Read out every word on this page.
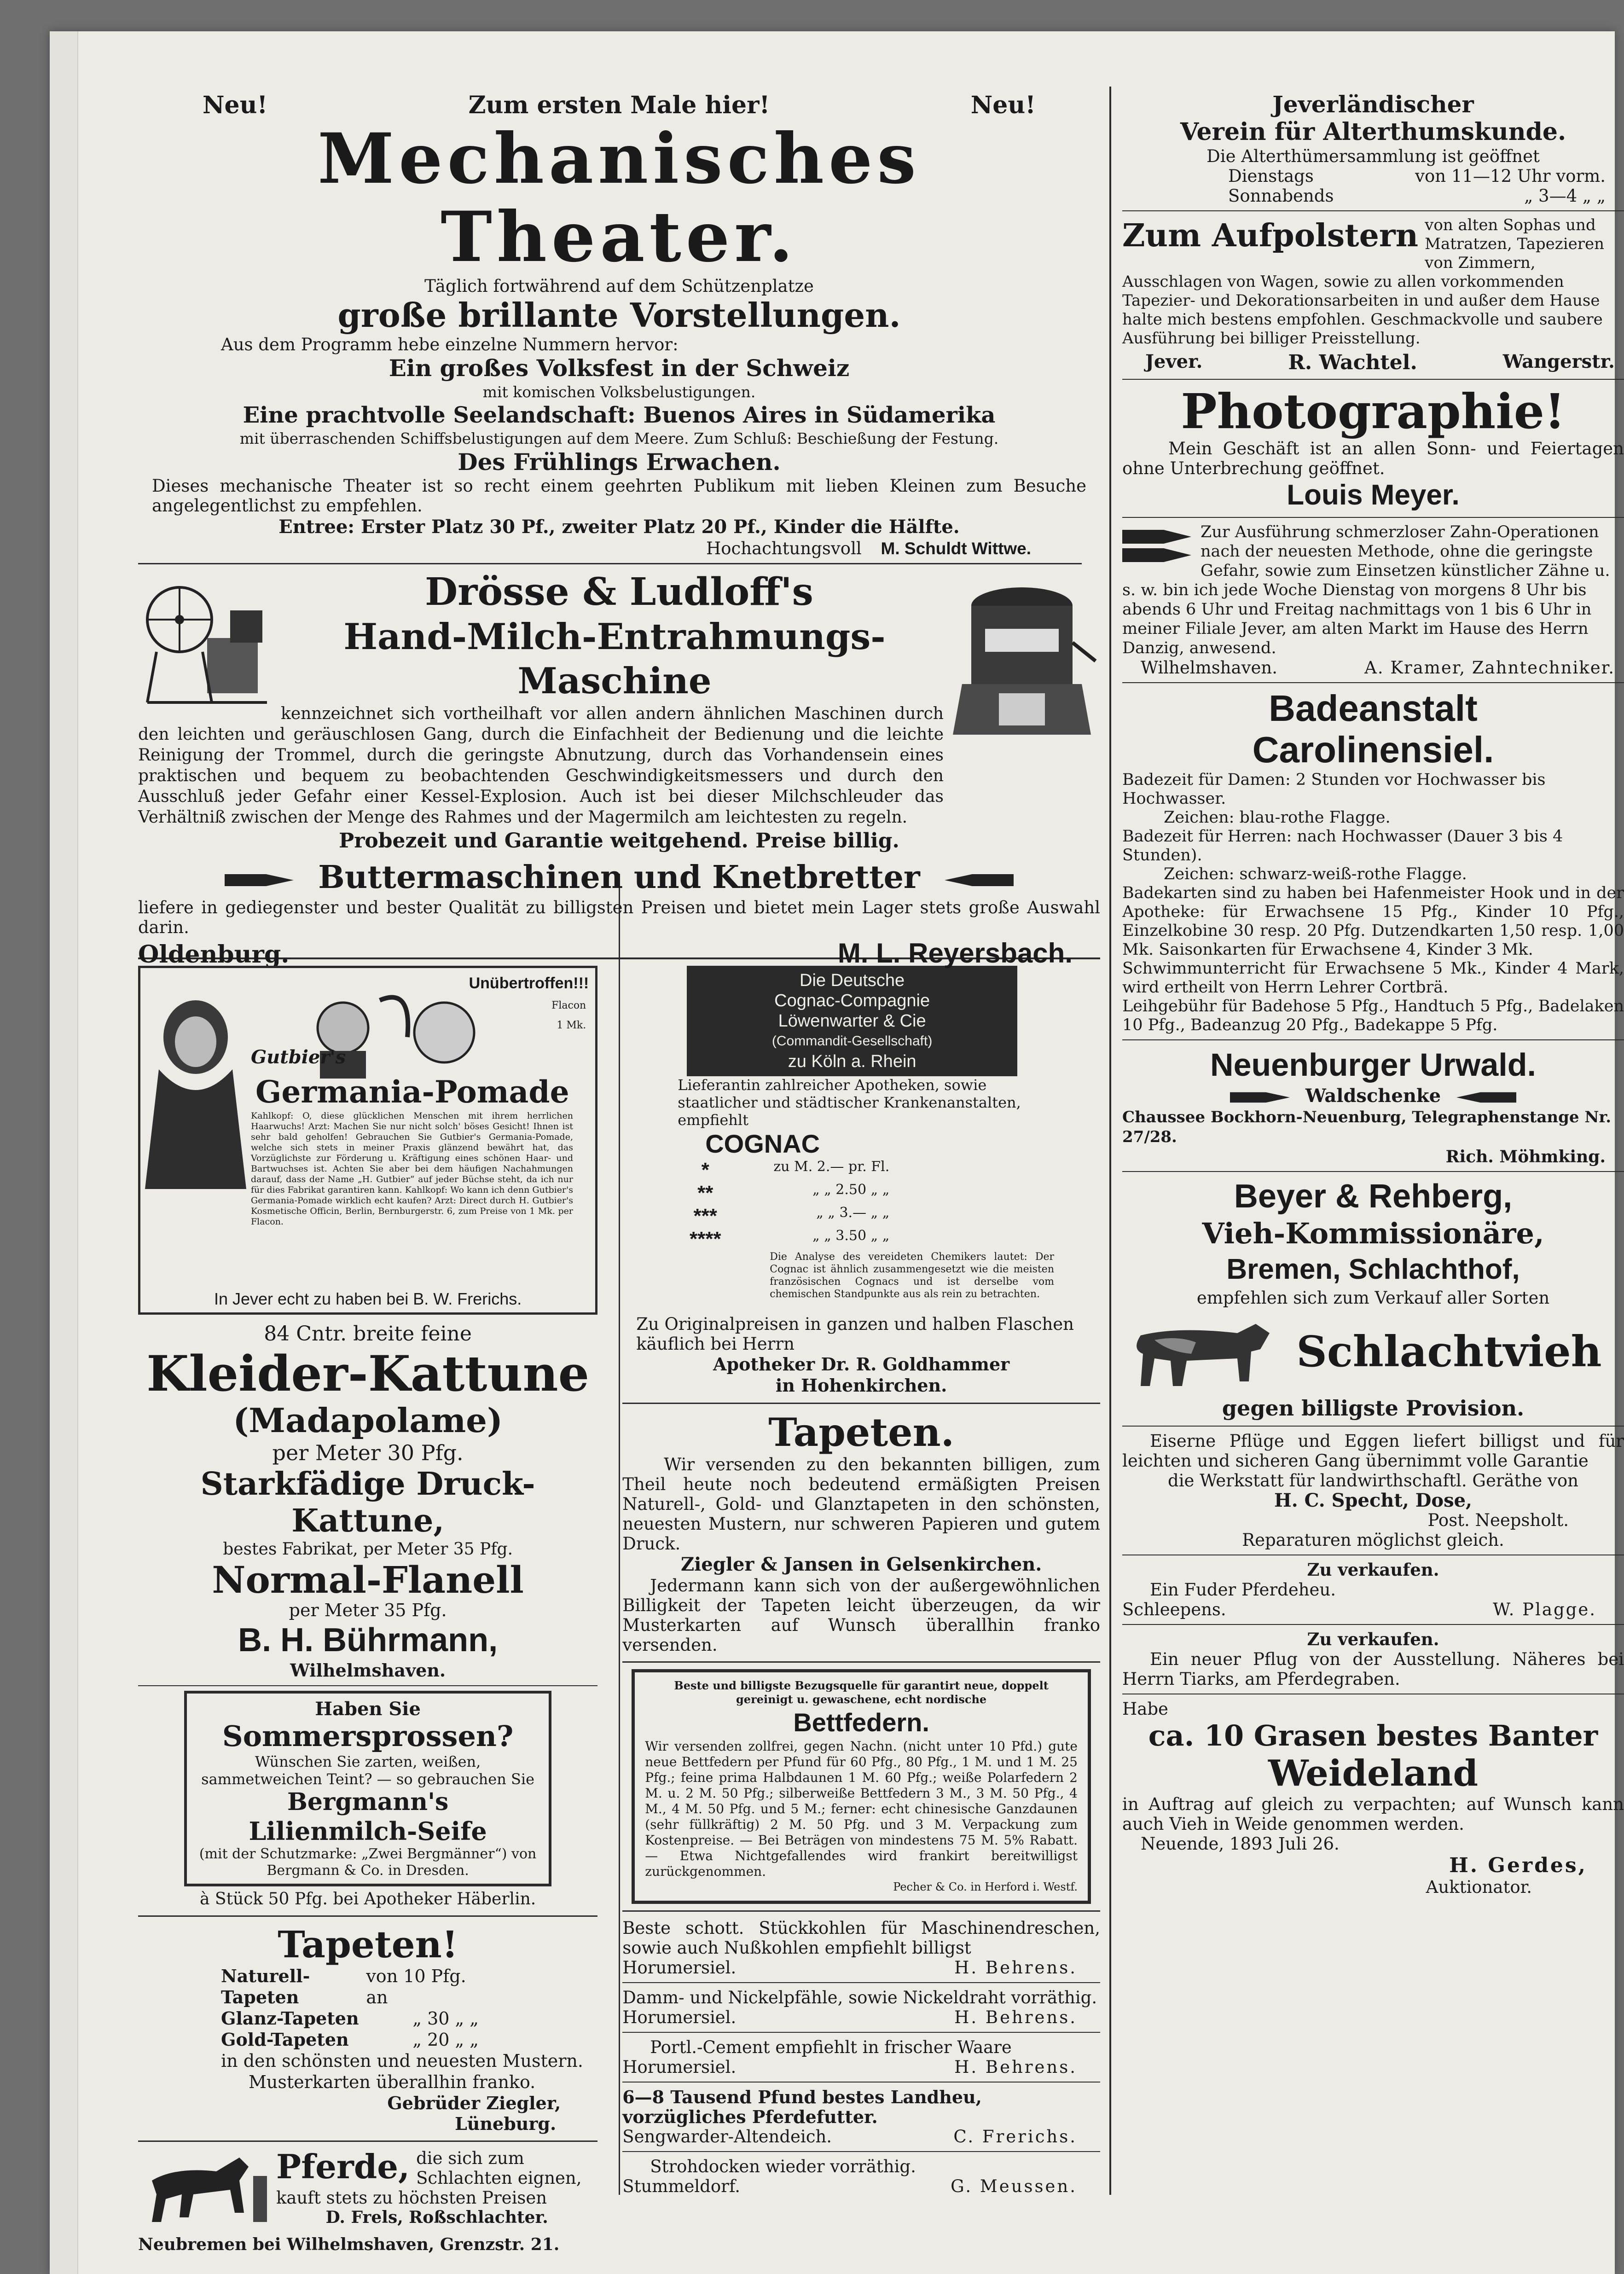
Neu!	Zum ersten Male hier!	Neu!
Mechanisches Theater.
Täglich fortwährend auf dem Schützenplatze
große brillante Vorstellungen.
Aus dem Programm hebe einzelne Nummern hervor:
Ein großes Volksfest in der Schweiz
mit komischen Volksbelustigungen.
Eine prachtvolle Seelandschaft: Buenos Aires in Südamerika
mit überraschenden Schiffsbelustigungen auf dem Meere. Zum Schluß: Beschießung der Festung.
Des Frühlings Erwachen.
Dieses mechanische Theater ist so recht einem geehrten Publikum mit lieben Kleinen zum Besuche angelegentlichst zu empfehlen.
Entree: Erster Platz 30 Pf., zweiter Platz 20 Pf., Kinder die Hälfte.
Hochachtungsvoll M. Schuldt Wittwe.
Drösse & Ludloff's
Hand-Milch-Entrahmungs-Maschine
kennzeichnet sich vortheilhaft vor allen andern ähnlichen Maschinen durch den leichten und geräuschlosen Gang, durch die Einfachheit der Bedienung und die leichte Reinigung der Trommel, durch die geringste Abnutzung, durch das Vorhandensein eines praktischen und bequem zu beobachtenden Geschwindigkeitsmessers und durch den Ausschluß jeder Gefahr einer Kessel-Explosion. Auch ist bei dieser Milchschleuder das Verhältniß zwischen der Menge des Rahmes und der Magermilch am leichtesten zu regeln.
Probezeit und Garantie weitgehend. Preise billig.
Buttermaschinen und Knetbretter
liefere in gediegenster und bester Qualität zu billigsten Preisen und bietet mein Lager stets große Auswahl darin.
Oldenburg.	M. L. Reyersbach.
Unübertroffen!!!
Flacon 1 Mk.
Gutbier's
Germania-Pomade
Kahlkopf: O, diese glücklichen Menschen mit ihrem herrlichen Haarwuchs! Arzt: Machen Sie nur nicht solch' böses Gesicht! Ihnen ist sehr bald geholfen! Gebrauchen Sie Gutbier's Germania-Pomade, welche sich stets in meiner Praxis glänzend bewährt hat, das Vorzüglichste zur Förderung u. Kräftigung eines schönen Haar- und Bartwuchses ist. Achten Sie aber bei dem häufigen Nachahmungen darauf, dass der Name „H. Gutbier“ auf jeder Büchse steht, da ich nur für dies Fabrikat garantiren kann. Kahlkopf: Wo kann ich denn Gutbier's Germania-Pomade wirklich echt kaufen? Arzt: Direct durch H. Gutbier's Kosmetische Officin, Berlin, Bernburgerstr. 6, zum Preise von 1 Mk. per Flacon.
In Jever echt zu haben bei B. W. Frerichs.
84 Cntr. breite feine
Kleider-Kattune
(Madapolame)
per Meter 30 Pfg.
Starkfädige Druck-Kattune,
bestes Fabrikat, per Meter 35 Pfg.
Normal-Flanell
per Meter 35 Pfg.
B. H. Bührmann,
Wilhelmshaven.
Haben Sie
Sommersprossen?
Wünschen Sie zarten, weißen, sammetweichen Teint? — so gebrauchen Sie
Bergmann's
Lilienmilch-Seife
(mit der Schutzmarke: „Zwei Bergmänner“) von Bergmann & Co. in Dresden.
à Stück 50 Pfg. bei Apotheker Häberlin.
Tapeten!
Naturell-Tapeten
von 10 Pfg. an
Glanz-Tapeten	„ 30 „ „
Gold-Tapeten	„ 20 „ „
in den schönsten und neuesten Mustern.
Musterkarten überallhin franko.
Gebrüder Ziegler,
Lüneburg.
Pferde, die sich zum Schlachten eignen, kauft stets zu höchsten Preisen
D. Frels, Roßschlachter.
Neubremen bei Wilhelmshaven, Grenzstr. 21.
Die Deutsche
Cognac-Compagnie
Löwenwarter & Cie
(Commandit-Gesellschaft)
zu Köln a. Rhein
Lieferantin zahlreicher Apotheken, sowie staatlicher und städtischer Krankenanstalten, empfiehlt
COGNAC
*	zu M. 2.— pr. Fl.
**	„ „ 2.50 „ „
***	„ „ 3.— „ „
****	„ „ 3.50 „ „
Die Analyse des vereideten Chemikers lautet: Der Cognac ist ähnlich zusammengesetzt wie die meisten französischen Cognacs und ist derselbe vom chemischen Standpunkte aus als rein zu betrachten.
Zu Originalpreisen in ganzen und halben Flaschen käuflich bei Herrn
Apotheker Dr. R. Goldhammer
in Hohenkirchen.
Tapeten.
Wir versenden zu den bekannten billigen, zum Theil heute noch bedeutend ermäßigten Preisen Naturell-, Gold- und Glanztapeten in den schönsten, neuesten Mustern, nur schweren Papieren und gutem Druck.
Ziegler & Jansen in Gelsenkirchen.
Jedermann kann sich von der außergewöhnlichen Billigkeit der Tapeten leicht überzeugen, da wir Musterkarten auf Wunsch überallhin franko versenden.
Beste und billigste Bezugsquelle für garantirt neue, doppelt gereinigt u. gewaschene, echt nordische
Bettfedern.
Wir versenden zollfrei, gegen Nachn. (nicht unter 10 Pfd.) gute neue Bettfedern per Pfund für 60 Pfg., 80 Pfg., 1 M. und 1 M. 25 Pfg.; feine prima Halbdaunen 1 M. 60 Pfg.; weiße Polarfedern 2 M. u. 2 M. 50 Pfg.; silberweiße Bettfedern 3 M., 3 M. 50 Pfg., 4 M., 4 M. 50 Pfg. und 5 M.; ferner: echt chinesische Ganzdaunen (sehr füllkräftig) 2 M. 50 Pfg. und 3 M. Verpackung zum Kostenpreise. — Bei Beträgen von mindestens 75 M. 5% Rabatt. — Etwa Nichtgefallendes wird frankirt bereitwilligst zurückgenommen.
Pecher & Co. in Herford i. Westf.
Beste schott. Stückkohlen für Maschinendreschen, sowie auch Nußkohlen empfiehlt billigst
Horumersiel.	H. Behrens.
Damm- und Nickelpfähle, sowie Nickeldraht vorräthig.
Horumersiel.	H. Behrens.
Portl.-Cement empfiehlt in frischer Waare
Horumersiel.	H. Behrens.
6—8 Tausend Pfund bestes Landheu, vorzügliches Pferdefutter.
Sengwarder-Altendeich.	C. Frerichs.
Strohdocken wieder vorräthig.
Stummeldorf.	G. Meussen.
Jeverländischer
Verein für Alterthumskunde.
Die Alterthümersammlung ist geöffnet
Dienstags	von 11—12 Uhr vorm.
Sonnabends	„ 3—4 „ „
Zum Aufpolstern von alten Sophas und Matratzen, Tapezieren von Zimmern, Ausschlagen von Wagen, sowie zu allen vorkommenden Tapezier- und Dekorationsarbeiten in und außer dem Hause halte mich bestens empfohlen. Geschmackvolle und saubere Ausführung bei billiger Preisstellung.
Jever.	R. Wachtel.	Wangerstr.
Photographie!
Mein Geschäft ist an allen Sonn- und Feiertagen ohne Unterbrechung geöffnet.
Louis Meyer.
Zur Ausführung schmerzloser Zahn-Operationen nach der neuesten Methode, ohne die geringste Gefahr, sowie zum Einsetzen künstlicher Zähne u. s. w. bin ich jede Woche Dienstag von morgens 8 Uhr bis abends 6 Uhr und Freitag nachmittags von 1 bis 6 Uhr in meiner Filiale Jever, am alten Markt im Hause des Herrn Danzig, anwesend.
Wilhelmshaven.	A. Kramer, Zahntechniker.
Badeanstalt
Carolinensiel.
Badezeit für Damen: 2 Stunden vor Hochwasser bis Hochwasser.
Zeichen: blau-rothe Flagge.
Badezeit für Herren: nach Hochwasser (Dauer 3 bis 4 Stunden).
Zeichen: schwarz-weiß-rothe Flagge.
Badekarten sind zu haben bei Hafenmeister Hook und in der Apotheke: für Erwachsene 15 Pfg., Kinder 10 Pfg., Einzelkobine 30 resp. 20 Pfg. Dutzendkarten 1,50 resp. 1,00 Mk. Saisonkarten für Erwachsene 4, Kinder 3 Mk.
Schwimmunterricht für Erwachsene 5 Mk., Kinder 4 Mark, wird ertheilt von Herrn Lehrer Cortbrä.
Leihgebühr für Badehose 5 Pfg., Handtuch 5 Pfg., Badelaken 10 Pfg., Badeanzug 20 Pfg., Badekappe 5 Pfg.
Neuenburger Urwald.
Waldschenke
Chaussee Bockhorn-Neuenburg, Telegraphenstange Nr. 27/28.
Rich. Möhmking.
Beyer & Rehberg,
Vieh-Kommissionäre,
Bremen, Schlachthof,
empfehlen sich zum Verkauf aller Sorten
Schlachtvieh
gegen billigste Provision.
Eiserne Pflüge und Eggen liefert billigst und für leichten und sicheren Gang übernimmt volle Garantie
die Werkstatt für landwirthschaftl. Geräthe von
H. C. Specht, Dose,
Post. Neepsholt.
Reparaturen möglichst gleich.
Zu verkaufen.
Ein Fuder Pferdeheu.
Schleepens.	W. Plagge.
Zu verkaufen.
Ein neuer Pflug von der Ausstellung. Näheres bei Herrn Tiarks, am Pferdegraben.
Habe
ca. 10 Grasen bestes Banter
Weideland
in Auftrag auf gleich zu verpachten; auf Wunsch kann auch Vieh in Weide genommen werden.
Neuende, 1893 Juli 26.
H. Gerdes,
Auktionator.
